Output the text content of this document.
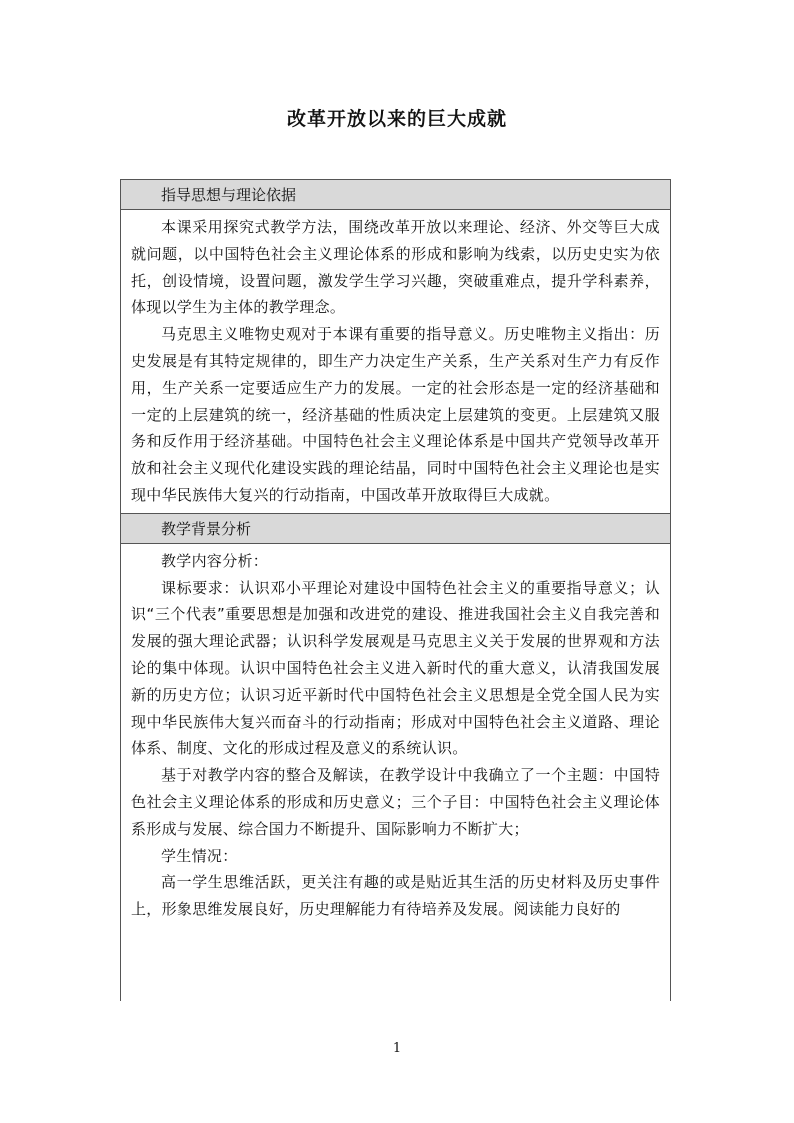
改革开放以来的巨大成就
指导思想与理论依据

本课采用探究式教学方法，围绕改革开放以来理论、经济、外交等巨大成就问题，以中国特色社会主义理论体系的形成和影响为线索，以历史史实为依托，创设情境，设置问题，激发学生学习兴趣，突破重难点，提升学科素养，体现以学生为主体的教学理念。

马克思主义唯物史观对于本课有重要的指导意义。历史唯物主义指出：历史发展是有其特定规律的，即生产力决定生产关系，生产关系对生产力有反作用，生产关系一定要适应生产力的发展。一定的社会形态是一定的经济基础和一定的上层建筑的统一，经济基础的性质决定上层建筑的变更。上层建筑又服务和反作用于经济基础。中国特色社会主义理论体系是中国共产党领导改革开放和社会主义现代化建设实践的理论结晶，同时中国特色社会主义理论也是实现中华民族伟大复兴的行动指南，中国改革开放取得巨大成就。

教学背景分析

教学内容分析：

课标要求：认识邓小平理论对建设中国特色社会主义的重要指导意义；认识“三个代表”重要思想是加强和改进党的建设、推进我国社会主义自我完善和发展的强大理论武器；认识科学发展观是马克思主义关于发展的世界观和方法论的集中体现。认识中国特色社会主义进入新时代的重大意义，认清我国发展新的历史方位；认识习近平新时代中国特色社会主义思想是全党全国人民为实现中华民族伟大复兴而奋斗的行动指南；形成对中国特色社会主义道路、理论体系、制度、文化的形成过程及意义的系统认识。

基于对教学内容的整合及解读，在教学设计中我确立了一个主题：中国特色社会主义理论体系的形成和历史意义；三个子目：中国特色社会主义理论体系形成与发展、综合国力不断提升、国际影响力不断扩大；

学生情况：

高一学生思维活跃，更关注有趣的或是贴近其生活的历史材料及历史事件上，形象思维发展良好，历史理解能力有待培养及发展。阅读能力良好的

1
